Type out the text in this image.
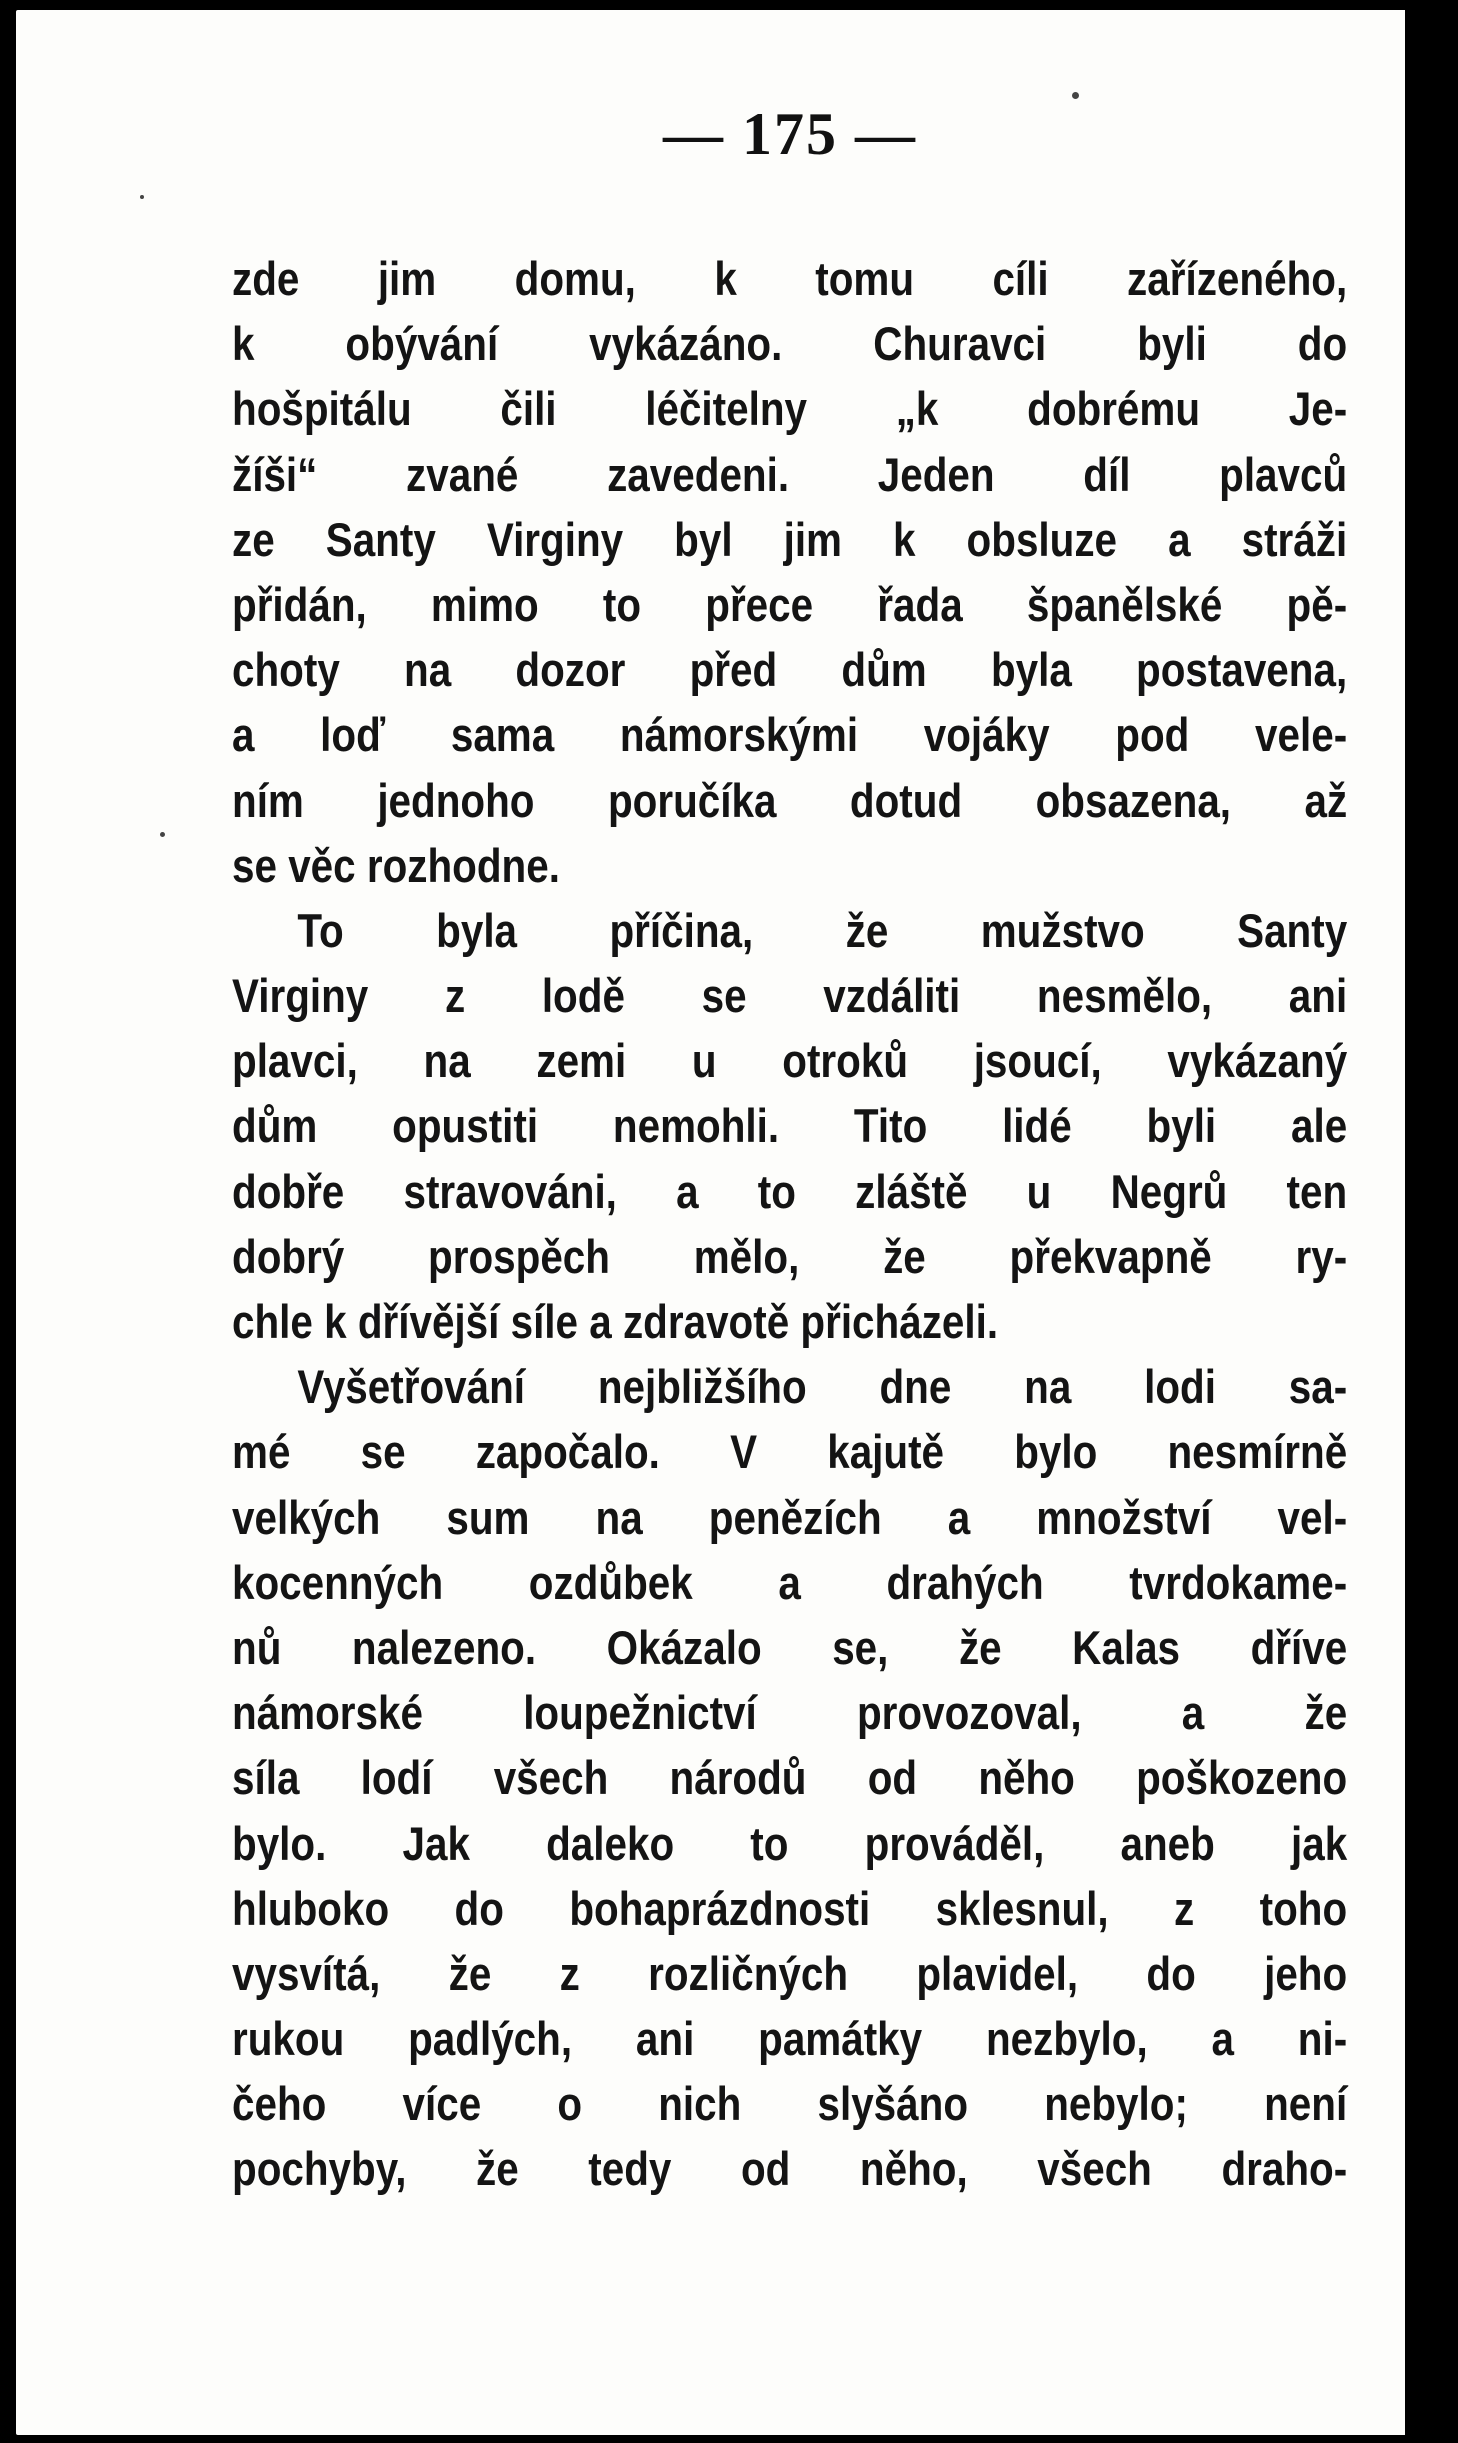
— 175 —
zde jim domu, k tomu cíli zařízeného,
k obývání vykázáno. Churavci byli do
hošpitálu čili léčitelny „k dobrému Je-
žíši“ zvané zavedeni. Jeden díl plavců
ze Santy Virginy byl jim k obsluze a stráži
přidán, mimo to přece řada španělské pě-
choty na dozor před dům byla postavena,
a loď sama námorskými vojáky pod vele-
ním jednoho poručíka dotud obsazena, až
se věc rozhodne.
To byla příčina, že mužstvo Santy
Virginy z lodě se vzdáliti nesmělo, ani
plavci, na zemi u otroků jsoucí, vykázaný
dům opustiti nemohli. Tito lidé byli ale
dobře stravováni, a to zláště u Negrů ten
dobrý prospěch mělo, že překvapně ry-
chle k dřívější síle a zdravotě přicházeli.
Vyšetřování nejbližšího dne na lodi sa-
mé se započalo. V kajutě bylo nesmírně
velkých sum na penězích a množství vel-
kocenných ozdůbek a drahých tvrdokame-
nů nalezeno. Okázalo se, že Kalas dříve
námorské loupežnictví provozoval, a že
síla lodí všech národů od něho poškozeno
bylo. Jak daleko to prováděl, aneb jak
hluboko do bohaprázdnosti sklesnul, z toho
vysvítá, že z rozličných plavidel, do jeho
rukou padlých, ani památky nezbylo, a ni-
čeho více o nich slyšáno nebylo; není
pochyby, že tedy od něho, všech draho-
